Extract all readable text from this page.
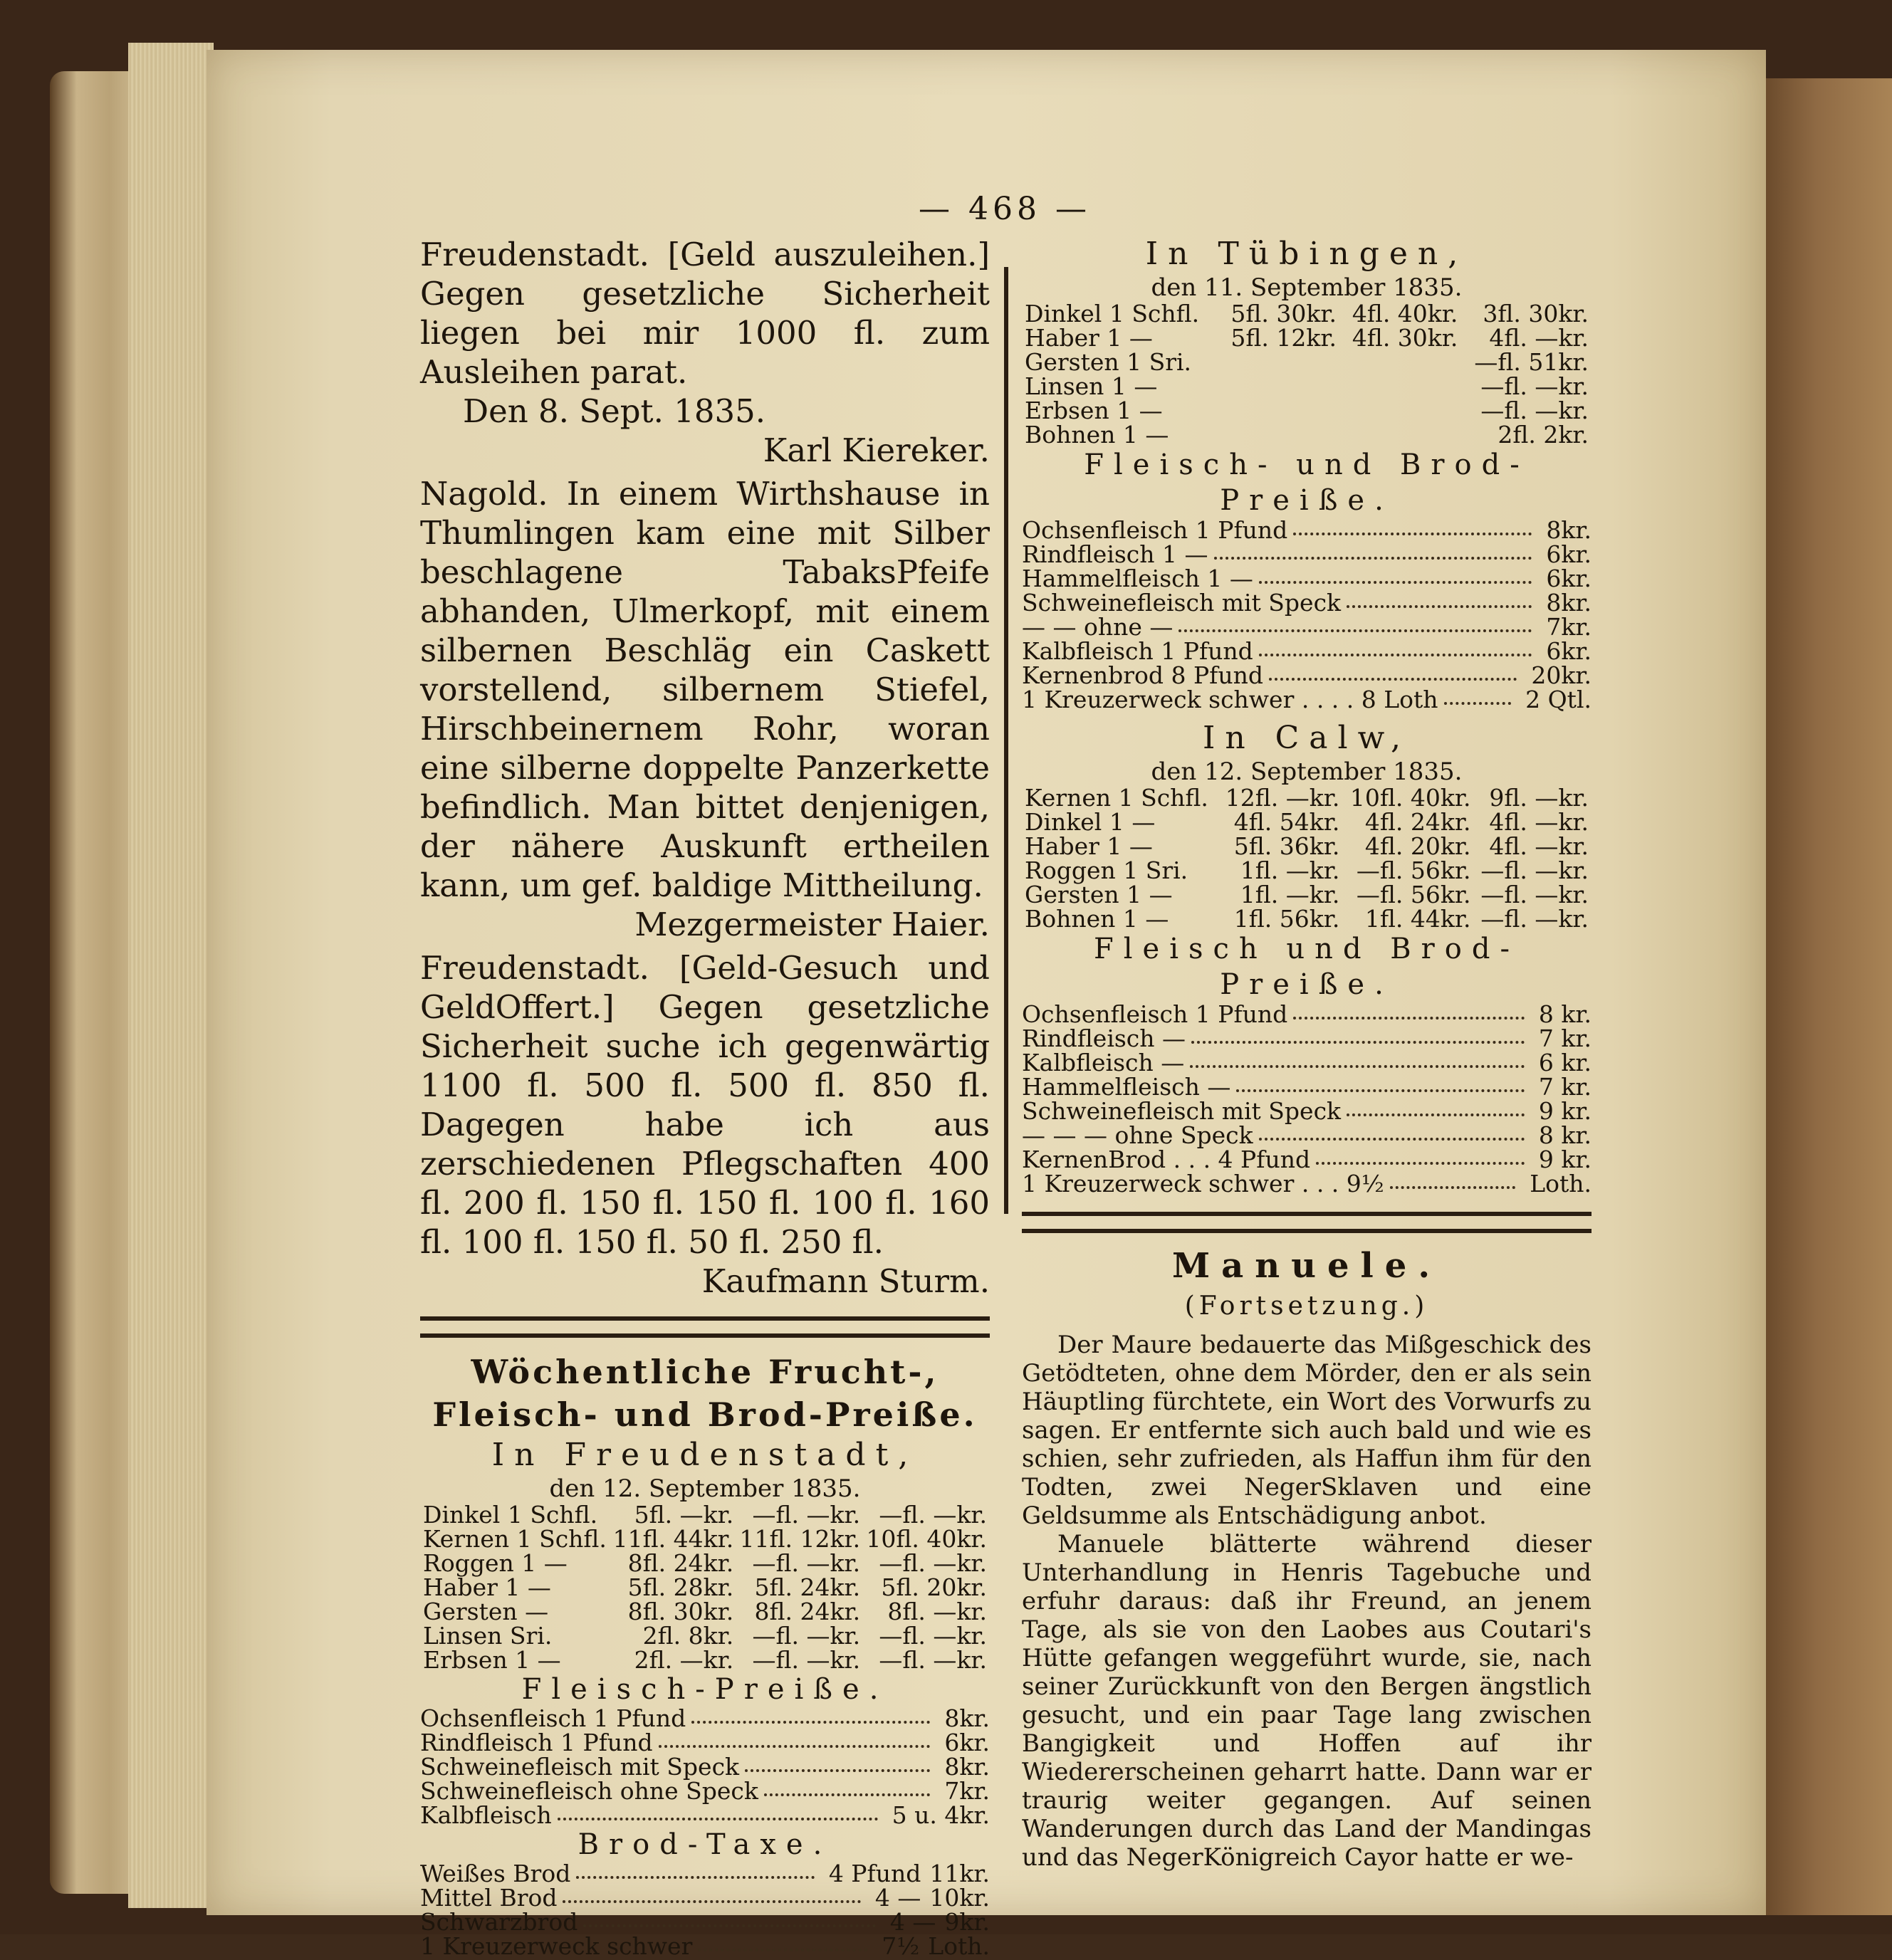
— 468 —

Freudenstadt. [Geld auszuleihen.] Gegen gesetzliche Sicherheit liegen bei mir 1000 fl. zum Ausleihen parat.

Den 8. Sept. 1835.

Karl Kiereker.

Nagold. In einem Wirthshause in Thumlingen kam eine mit Silber beschlagene TabaksPfeife abhanden, Ulmerkopf, mit einem silbernen Beschläg ein Caskett vorstellend, silbernem Stiefel, Hirschbeinernem Rohr, woran eine silberne doppelte Panzerkette befindlich. Man bittet denjenigen, der nähere Auskunft ertheilen kann, um gef. baldige Mittheilung.

Mezgermeister Haier.

Freudenstadt. [Geld-Gesuch und GeldOffert.] Gegen gesetzliche Sicherheit suche ich gegenwärtig 1100 fl. 500 fl. 500 fl. 850 fl. Dagegen habe ich aus zerschiedenen Pflegschaften 400 fl. 200 fl. 150 fl. 150 fl. 100 fl. 160 fl. 100 fl. 150 fl. 50 fl. 250 fl.

Kaufmann Sturm.

Wöchentliche Frucht-, Fleisch- und Brod-Preiße.

In Freudenstadt,

den 12. September 1835.

Dinkel 1 Schfl.	5fl. —kr.	—fl. —kr.	—fl. —kr.
Kernen 1 Schfl.	11fl. 44kr.	11fl. 12kr.	10fl. 40kr.
Roggen 1 —	8fl. 24kr.	—fl. —kr.	—fl. —kr.
Haber 1 —	5fl. 28kr.	5fl. 24kr.	5fl. 20kr.
Gersten —	8fl. 30kr.	8fl. 24kr.	8fl. —kr.
Linsen Sri.	2fl. 8kr.	—fl. —kr.	—fl. —kr.
Erbsen 1 —	2fl. —kr.	—fl. —kr.	—fl. —kr.

Fleisch-Preiße.

Ochsenfleisch 1 Pfund	8kr.
Rindfleisch 1 Pfund	6kr.
Schweinefleisch mit Speck	8kr.
Schweinefleisch ohne Speck	7kr.
Kalbfleisch	5 u. 4kr.

Brod-Taxe.

Weißes Brod	4 Pfund 11kr.
Mittel Brod	4 — 10kr.
Schwarzbrod	4 — 9kr.
1 Kreuzerweck schwer	7½ Loth.

In Tübingen,

den 11. September 1835.

Dinkel 1 Schfl.	5fl. 30kr.	4fl. 40kr.	3fl. 30kr.
Haber 1 —	5fl. 12kr.	4fl. 30kr.	4fl. —kr.
Gersten 1 Sri.			—fl. 51kr.
Linsen 1 —			—fl. —kr.
Erbsen 1 —			—fl. —kr.
Bohnen 1 —			2fl. 2kr.

Fleisch- und Brod-Preiße.

Ochsenfleisch 1 Pfund	8kr.
Rindfleisch 1 —	6kr.
Hammelfleisch 1 —	6kr.
Schweinefleisch mit Speck	8kr.
— — ohne —	7kr.
Kalbfleisch 1 Pfund	6kr.
Kernenbrod 8 Pfund	20kr.
1 Kreuzerweck schwer . . . . 8 Loth	2 Qtl.

In Calw,

den 12. September 1835.

Kernen 1 Schfl.	12fl. —kr.	10fl. 40kr.	9fl. —kr.
Dinkel 1 —	4fl. 54kr.	4fl. 24kr.	4fl. —kr.
Haber 1 —	5fl. 36kr.	4fl. 20kr.	4fl. —kr.
Roggen 1 Sri.	1fl. —kr.	—fl. 56kr.	—fl. —kr.
Gersten 1 —	1fl. —kr.	—fl. 56kr.	—fl. —kr.
Bohnen 1 —	1fl. 56kr.	1fl. 44kr.	—fl. —kr.

Fleisch und Brod-Preiße.

Ochsenfleisch 1 Pfund	8 kr.
Rindfleisch —	7 kr.
Kalbfleisch —	6 kr.
Hammelfleisch —	7 kr.
Schweinefleisch mit Speck	9 kr.
— — — ohne Speck	8 kr.
KernenBrod . . . 4 Pfund	9 kr.
1 Kreuzerweck schwer . . . 9½	Loth.

Manuele.

(Fortsetzung.)

Der Maure bedauerte das Mißgeschick des Getödteten, ohne dem Mörder, den er als sein Häuptling fürchtete, ein Wort des Vorwurfs zu sagen. Er entfernte sich auch bald und wie es schien, sehr zufrieden, als Haffun ihm für den Todten, zwei NegerSklaven und eine Geldsumme als Entschädigung anbot.

Manuele blätterte während dieser Unterhandlung in Henris Tagebuche und erfuhr daraus: daß ihr Freund, an jenem Tage, als sie von den Laobes aus Coutari's Hütte gefangen weggeführt wurde, sie, nach seiner Zurückkunft von den Bergen ängstlich gesucht, und ein paar Tage lang zwischen Bangigkeit und Hoffen auf ihr Wiedererscheinen geharrt hatte. Dann war er traurig weiter gegangen. Auf seinen Wanderungen durch das Land der Mandingas und das NegerKönigreich Cayor hatte er we-
